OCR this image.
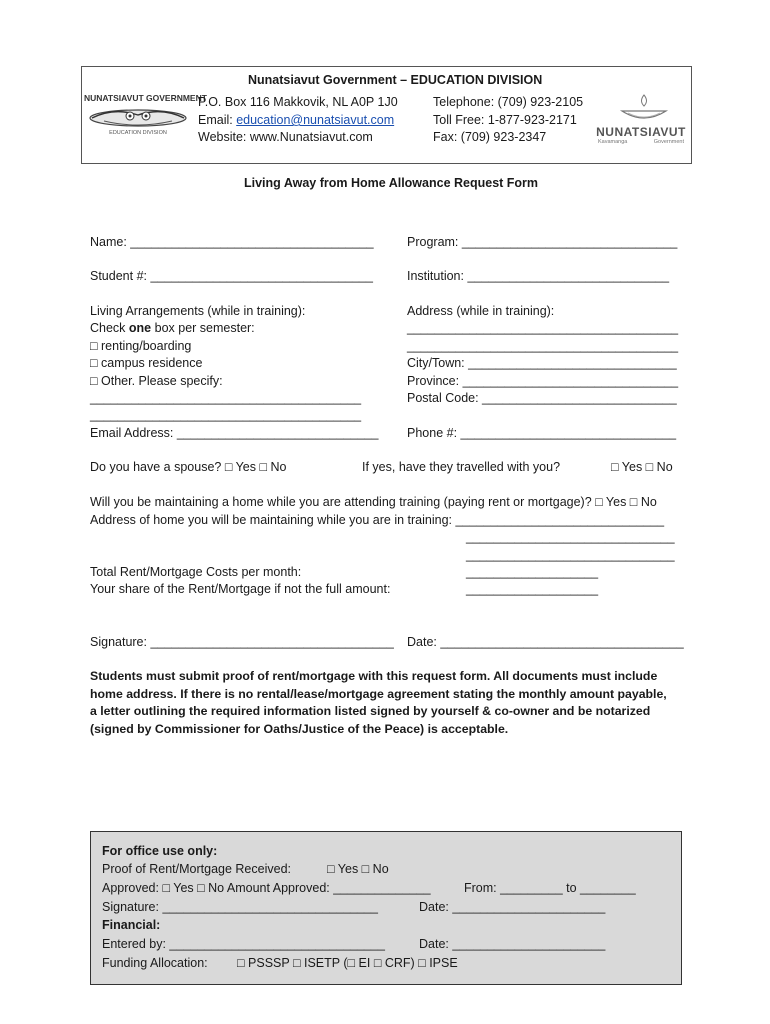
NUNATSIAVUT GOVERNMENT
EDUCATION DIVISION
Nunatsiavut Government – EDUCATION DIVISION
P.O. Box 116 Makkovik, NL A0P 1J0
Email: education@nunatsiavut.com
Website: www.Nunatsiavut.com
Telephone: (709) 923-2105
Toll Free: 1-877-923-2171
Fax: (709) 923-2347	NUNATSIAVUT
Kavamanga	Government
Living Away from Home Allowance Request Form
Name: ___________________________________	Program: _______________________________
Student #: ________________________________	Institution: _____________________________
Living Arrangements (while in training):
Check one box per semester:
□ renting/boarding
□ campus residence
□ Other. Please specify:
_______________________________________
_______________________________________
Address (while in training):
_______________________________________
_______________________________________
City/Town: ______________________________
Province: _______________________________
Postal Code: ____________________________
Email Address: _____________________________ Phone #: _______________________________
Do you have a spouse? □ Yes □ No	If yes, have they travelled with you?	□ Yes □ No
Will you be maintaining a home while you are attending training (paying rent or mortgage)? □ Yes □ No
Address of home you will be maintaining while you are in training: ______________________________
______________________________
______________________________
Total Rent/Mortgage Costs per month:	___________________
Your share of the Rent/Mortgage if not the full amount:	___________________
Signature: ___________________________________ Date: ___________________________________
Students must submit proof of rent/mortgage with this request form. All documents must include
home address. If there is no rental/lease/mortgage agreement stating the monthly amount payable,
a letter outlining the required information listed signed by yourself & co-owner and be notarized
(signed by Commissioner for Oaths/Justice of the Peace) is acceptable.
For office use only:
Proof of Rent/Mortgage Received:	□ Yes □ No
Approved: □ Yes □ No Amount Approved: ______________	From: _________ to ________
Signature: _______________________________	Date: ______________________
Financial:
Entered by: _______________________________	Date: ______________________
Funding Allocation: □ PSSSP □ ISETP (□ EI □ CRF) □ IPSE
